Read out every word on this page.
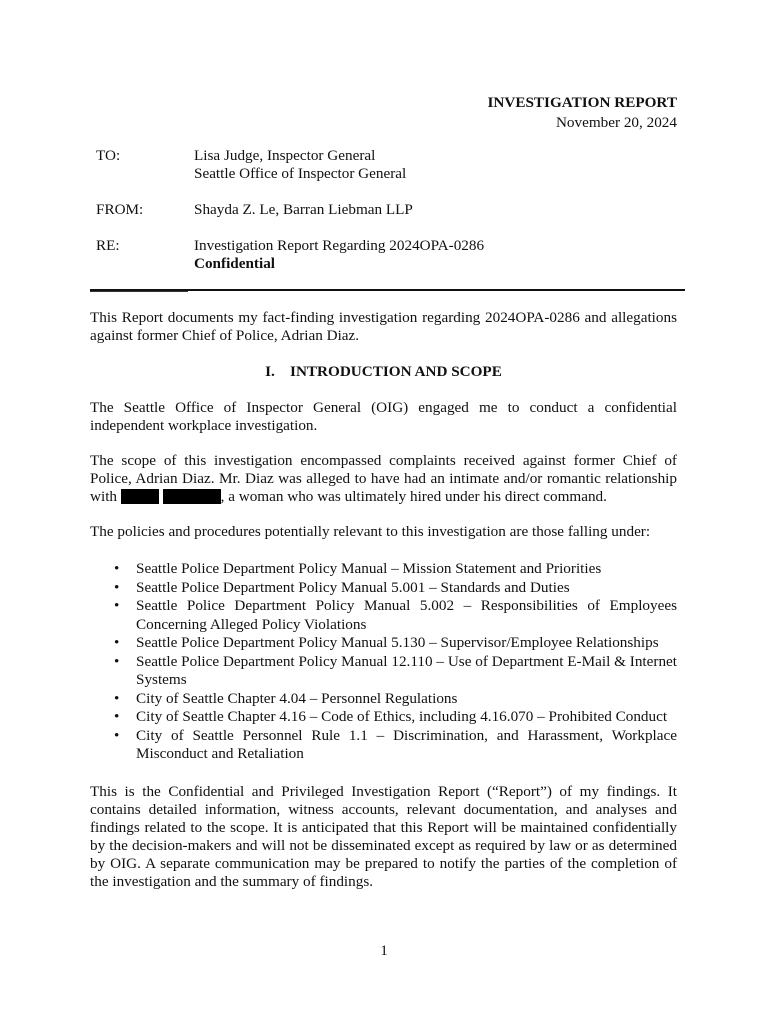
INVESTIGATION REPORT
November 20, 2024
TO:	Lisa Judge, Inspector General
Seattle Office of Inspector General
FROM:	Shayda Z. Le, Barran Liebman LLP
RE:	Investigation Report Regarding 2024OPA-0286
Confidential
This Report documents my fact-finding investigation regarding 2024OPA-0286 and allegations against former Chief of Police, Adrian Diaz.
I. INTRODUCTION AND SCOPE
The Seattle Office of Inspector General (OIG) engaged me to conduct a confidential independent workplace investigation.
The scope of this investigation encompassed complaints received against former Chief of Police, Adrian Diaz. Mr. Diaz was alleged to have had an intimate and/or romantic relationship with	, a woman who was ultimately hired under his direct command.
The policies and procedures potentially relevant to this investigation are those falling under:
• Seattle Police Department Policy Manual – Mission Statement and Priorities
• Seattle Police Department Policy Manual 5.001 – Standards and Duties
• Seattle Police Department Policy Manual 5.002 – Responsibilities of Employees Concerning Alleged Policy Violations
• Seattle Police Department Policy Manual 5.130 – Supervisor/Employee Relationships
• Seattle Police Department Policy Manual 12.110 – Use of Department E-Mail & Internet Systems
• City of Seattle Chapter 4.04 – Personnel Regulations
• City of Seattle Chapter 4.16 – Code of Ethics, including 4.16.070 – Prohibited Conduct
• City of Seattle Personnel Rule 1.1 – Discrimination, and Harassment, Workplace Misconduct and Retaliation
This is the Confidential and Privileged Investigation Report (“Report”) of my findings. It contains detailed information, witness accounts, relevant documentation, and analyses and findings related to the scope. It is anticipated that this Report will be maintained confidentially by the decision-makers and will not be disseminated except as required by law or as determined by OIG. A separate communication may be prepared to notify the parties of the completion of the investigation and the summary of findings.
1
